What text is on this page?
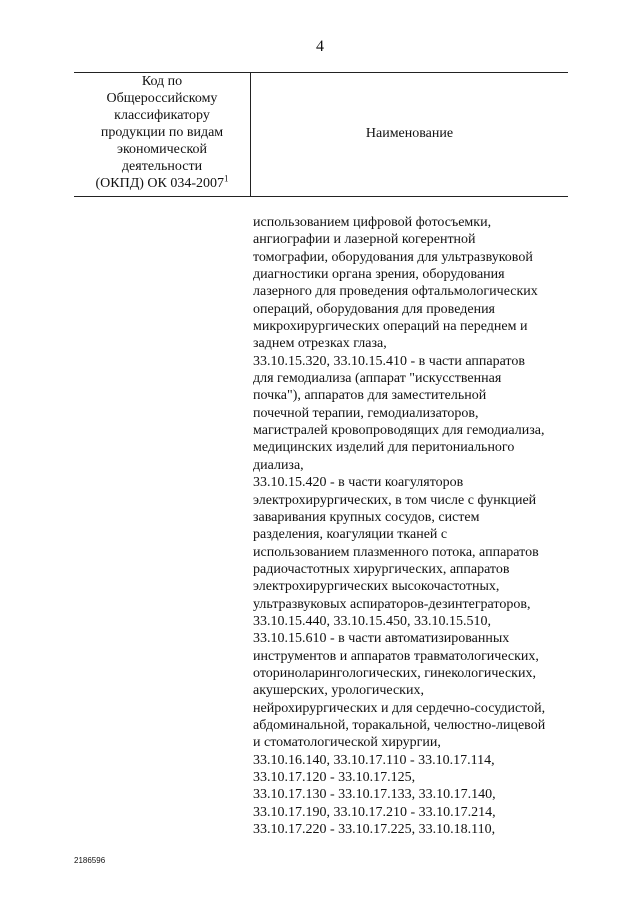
4
Код по
Общероссийскому
классификатору
продукции по видам
экономической
деятельности
(ОКПД) ОК 034-2007$^1$
Наименование
использованием цифровой фотосъемки,
ангиографии и лазерной когерентной
томографии, оборудования для ультразвуковой
диагностики органа зрения, оборудования
лазерного для проведения офтальмологических
операций, оборудования для проведения
микрохирургических операций на переднем и
заднем отрезках глаза,
33.10.15.320, 33.10.15.410 - в части аппаратов
для гемодиализа (аппарат "искусственная
почка"), аппаратов для заместительной
почечной терапии, гемодиализаторов,
магистралей кровопроводящих для гемодиализа,
медицинских изделий для перитониального
диализа,
33.10.15.420 - в части коагуляторов
электрохирургических, в том числе с функцией
заваривания крупных сосудов, систем
разделения, коагуляции тканей с
использованием плазменного потока, аппаратов
радиочастотных хирургических, аппаратов
электрохирургических высокочастотных,
ультразвуковых аспираторов-дезинтеграторов,
33.10.15.440, 33.10.15.450, 33.10.15.510,
33.10.15.610 - в части автоматизированных
инструментов и аппаратов травматологических,
оториноларингологических, гинекологических,
акушерских, урологических,
нейрохирургических и для сердечно-сосудистой,
абдоминальной, торакальной, челюстно-лицевой
и стоматологической хирургии,
33.10.16.140, 33.10.17.110 - 33.10.17.114,
33.10.17.120 - 33.10.17.125,
33.10.17.130 - 33.10.17.133, 33.10.17.140,
33.10.17.190, 33.10.17.210 - 33.10.17.214,
33.10.17.220 - 33.10.17.225, 33.10.18.110,
2186596
